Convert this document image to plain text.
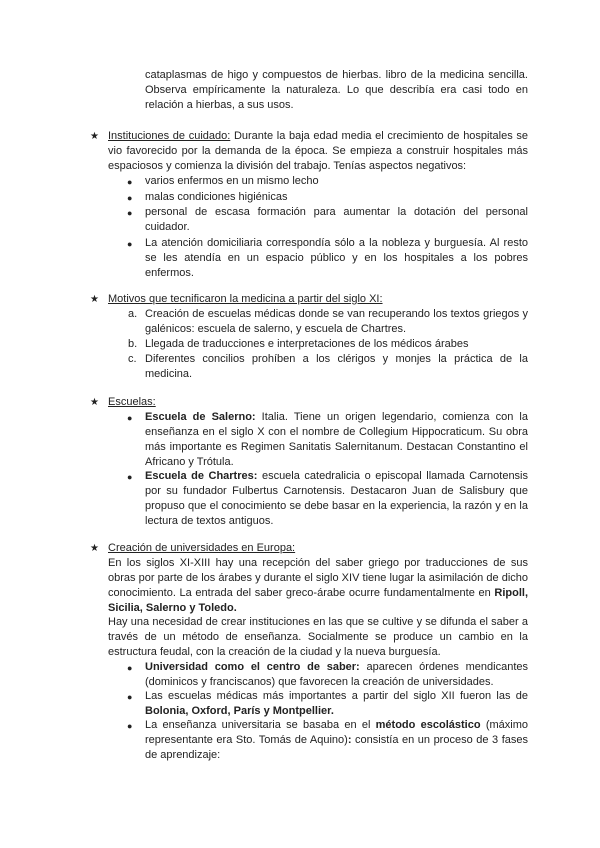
cataplasmas de higo y compuestos de hierbas. libro de la medicina sencilla. Observa empíricamente la naturaleza. Lo que describía era casi todo en relación a hierbas, a sus usos.
★ Instituciones de cuidado: Durante la baja edad media el crecimiento de hospitales se vio favorecido por la demanda de la época. Se empieza a construir hospitales más espaciosos y comienza la división del trabajo. Tenías aspectos negativos:
● varios enfermos en un mismo lecho
● malas condiciones higiénicas
● personal de escasa formación para aumentar la dotación del personal cuidador.
● La atención domiciliaria correspondía sólo a la nobleza y burguesía. Al resto se les atendía en un espacio público y en los hospitales a los pobres enfermos.
★ Motivos que tecnificaron la medicina a partir del siglo XI:
a. Creación de escuelas médicas donde se van recuperando los textos griegos y galénicos: escuela de salerno, y escuela de Chartres.
b. Llegada de traducciones e interpretaciones de los médicos árabes
c. Diferentes concilios prohíben a los clérigos y monjes la práctica de la medicina.
★ Escuelas:
● Escuela de Salerno: Italia. Tiene un origen legendario, comienza con la enseñanza en el siglo X con el nombre de Collegium Hippocraticum. Su obra más importante es Regimen Sanitatis Salernitanum. Destacan Constantino el Africano y Trótula.
● Escuela de Chartres: escuela catedralicia o episcopal llamada Carnotensis por su fundador Fulbertus Carnotensis. Destacaron Juan de Salisbury que propuso que el conocimiento se debe basar en la experiencia, la razón y en la lectura de textos antiguos.
★ Creación de universidades en Europa:
En los siglos XI-XIII hay una recepción del saber griego por traducciones de sus obras por parte de los árabes y durante el siglo XIV tiene lugar la asimilación de dicho conocimiento. La entrada del saber greco-árabe ocurre fundamentalmente en Ripoll, Sicilia, Salerno y Toledo.
Hay una necesidad de crear instituciones en las que se cultive y se difunda el saber a través de un método de enseñanza. Socialmente se produce un cambio en la estructura feudal, con la creación de la ciudad y la nueva burguesía.
● Universidad como el centro de saber: aparecen órdenes mendicantes (dominicos y franciscanos) que favorecen la creación de universidades.
● Las escuelas médicas más importantes a partir del siglo XII fueron las de Bolonia, Oxford, París y Montpellier.
● La enseñanza universitaria se basaba en el método escolástico (máximo representante era Sto. Tomás de Aquino): consistía en un proceso de 3 fases de aprendizaje:
